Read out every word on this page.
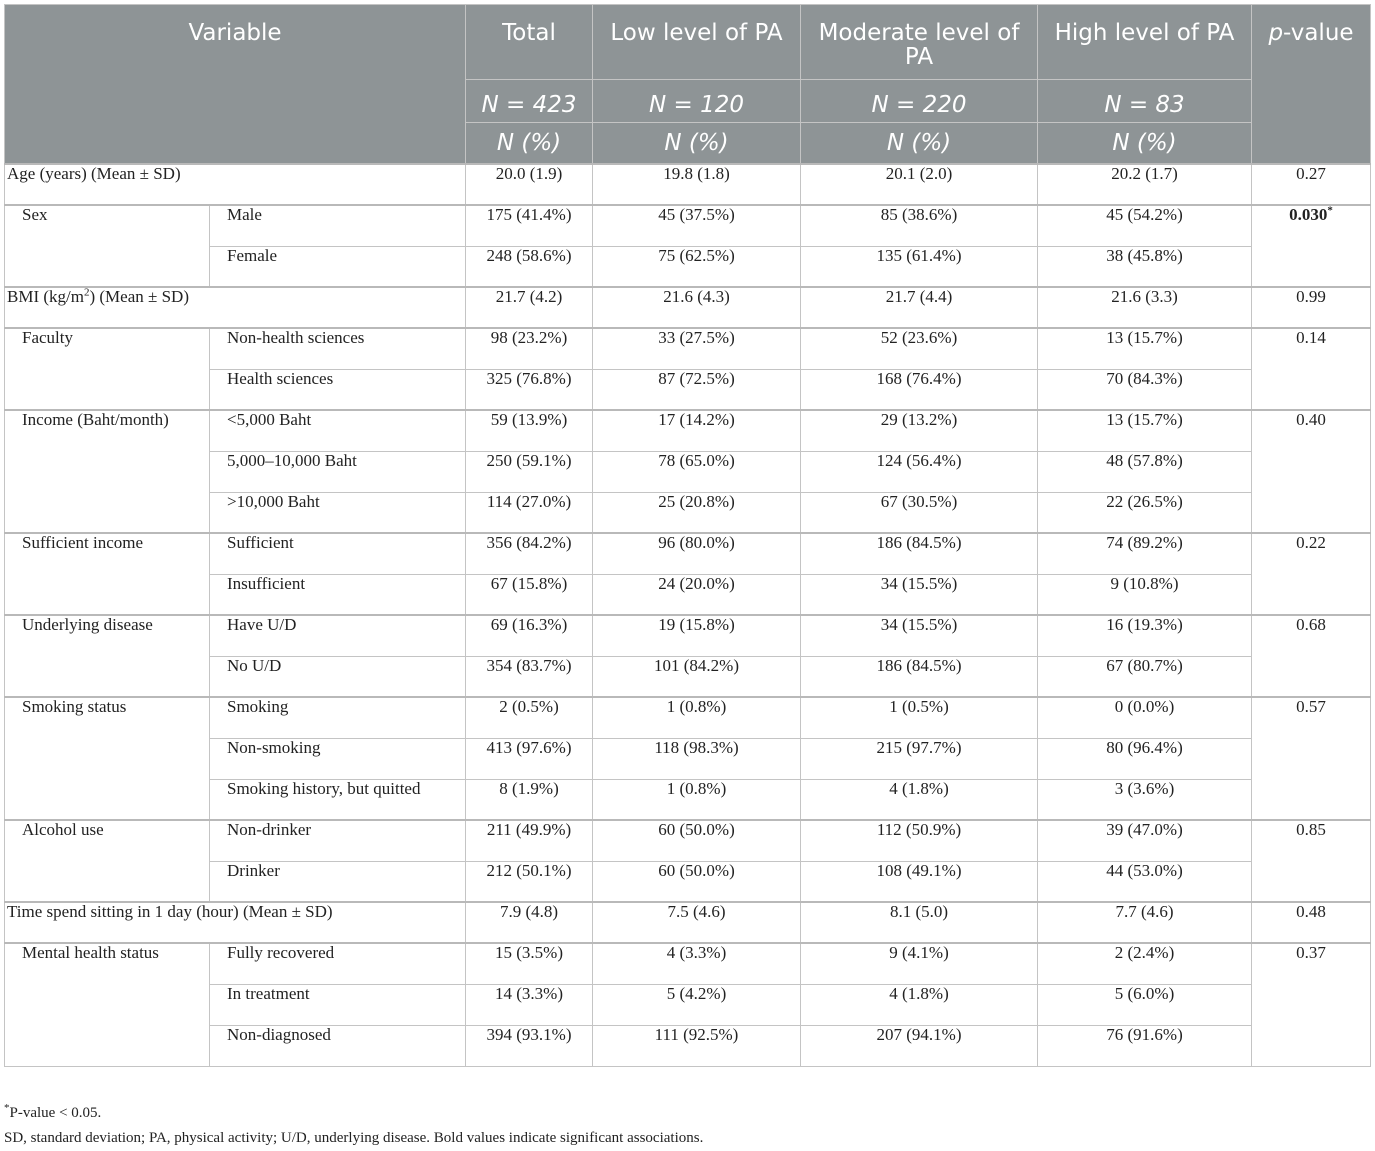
Variable		Total	Low level of PA	Moderate level of PA	High level of PA	p-value

		N = 423	N = 120	N = 220	N = 83	
		N (%)	N (%)	N (%)	N (%)	
Age (years) (Mean ± SD)		20.0 (1.9)	19.8 (1.8)	20.1 (2.0)	20.2 (1.7)	0.27
Sex	Male	175 (41.4%)	45 (37.5%)	85 (38.6%)	45 (54.2%)	0.030*
	Female	248 (58.6%)	75 (62.5%)	135 (61.4%)	38 (45.8%)	
BMI $(kg/m^2)$ (Mean ± SD)		21.7 (4.2)	21.6 (4.3)	21.7 (4.4)	21.6 (3.3)	0.99
Faculty	Non-health sciences	98 (23.2%)	33 (27.5%)	52 (23.6%)	13 (15.7%)	0.14
	Health sciences	325 (76.8%)	87 (72.5%)	168 (76.4%)	70 (84.3%)	
Income (Baht/month)	<5,000 Baht	59 (13.9%)	17 (14.2%)	29 (13.2%)	13 (15.7%)	0.40
	5,000–10,000 Baht	250 (59.1%)	78 (65.0%)	124 (56.4%)	48 (57.8%)	
	>10,000 Baht	114 (27.0%)	25 (20.8%)	67 (30.5%)	22 (26.5%)	
Sufficient income	Sufficient	356 (84.2%)	96 (80.0%)	186 (84.5%)	74 (89.2%)	0.22
	Insufficient	67 (15.8%)	24 (20.0%)	34 (15.5%)	9 (10.8%)	
Underlying disease	Have U/D	69 (16.3%)	19 (15.8%)	34 (15.5%)	16 (19.3%)	0.68
	No U/D	354 (83.7%)	101 (84.2%)	186 (84.5%)	67 (80.7%)	
Smoking status	Smoking	2 (0.5%)	1 (0.8%)	1 (0.5%)	0 (0.0%)	0.57
	Non-smoking	413 (97.6%)	118 (98.3%)	215 (97.7%)	80 (96.4%)	
	Smoking history, but quitted	8 (1.9%)	1 (0.8%)	4 (1.8%)	3 (3.6%)	
Alcohol use	Non-drinker	211 (49.9%)	60 (50.0%)	112 (50.9%)	39 (47.0%)	0.85
	Drinker	212 (50.1%)	60 (50.0%)	108 (49.1%)	44 (53.0%)	
Time spend sitting in 1 day (hour) (Mean ± SD)		7.9 (4.8)	7.5 (4.6)	8.1 (5.0)	7.7 (4.6)	0.48
Mental health status	Fully recovered	15 (3.5%)	4 (3.3%)	9 (4.1%)	2 (2.4%)	0.37
	In treatment	14 (3.3%)	5 (4.2%)	4 (1.8%)	5 (6.0%)	
	Non-diagnosed	394 (93.1%)	111 (92.5%)	207 (94.1%)	76 (91.6%)	
*P-value < 0.05.
SD, standard deviation; PA, physical activity; U/D, underlying disease. Bold values indicate significant associations.
